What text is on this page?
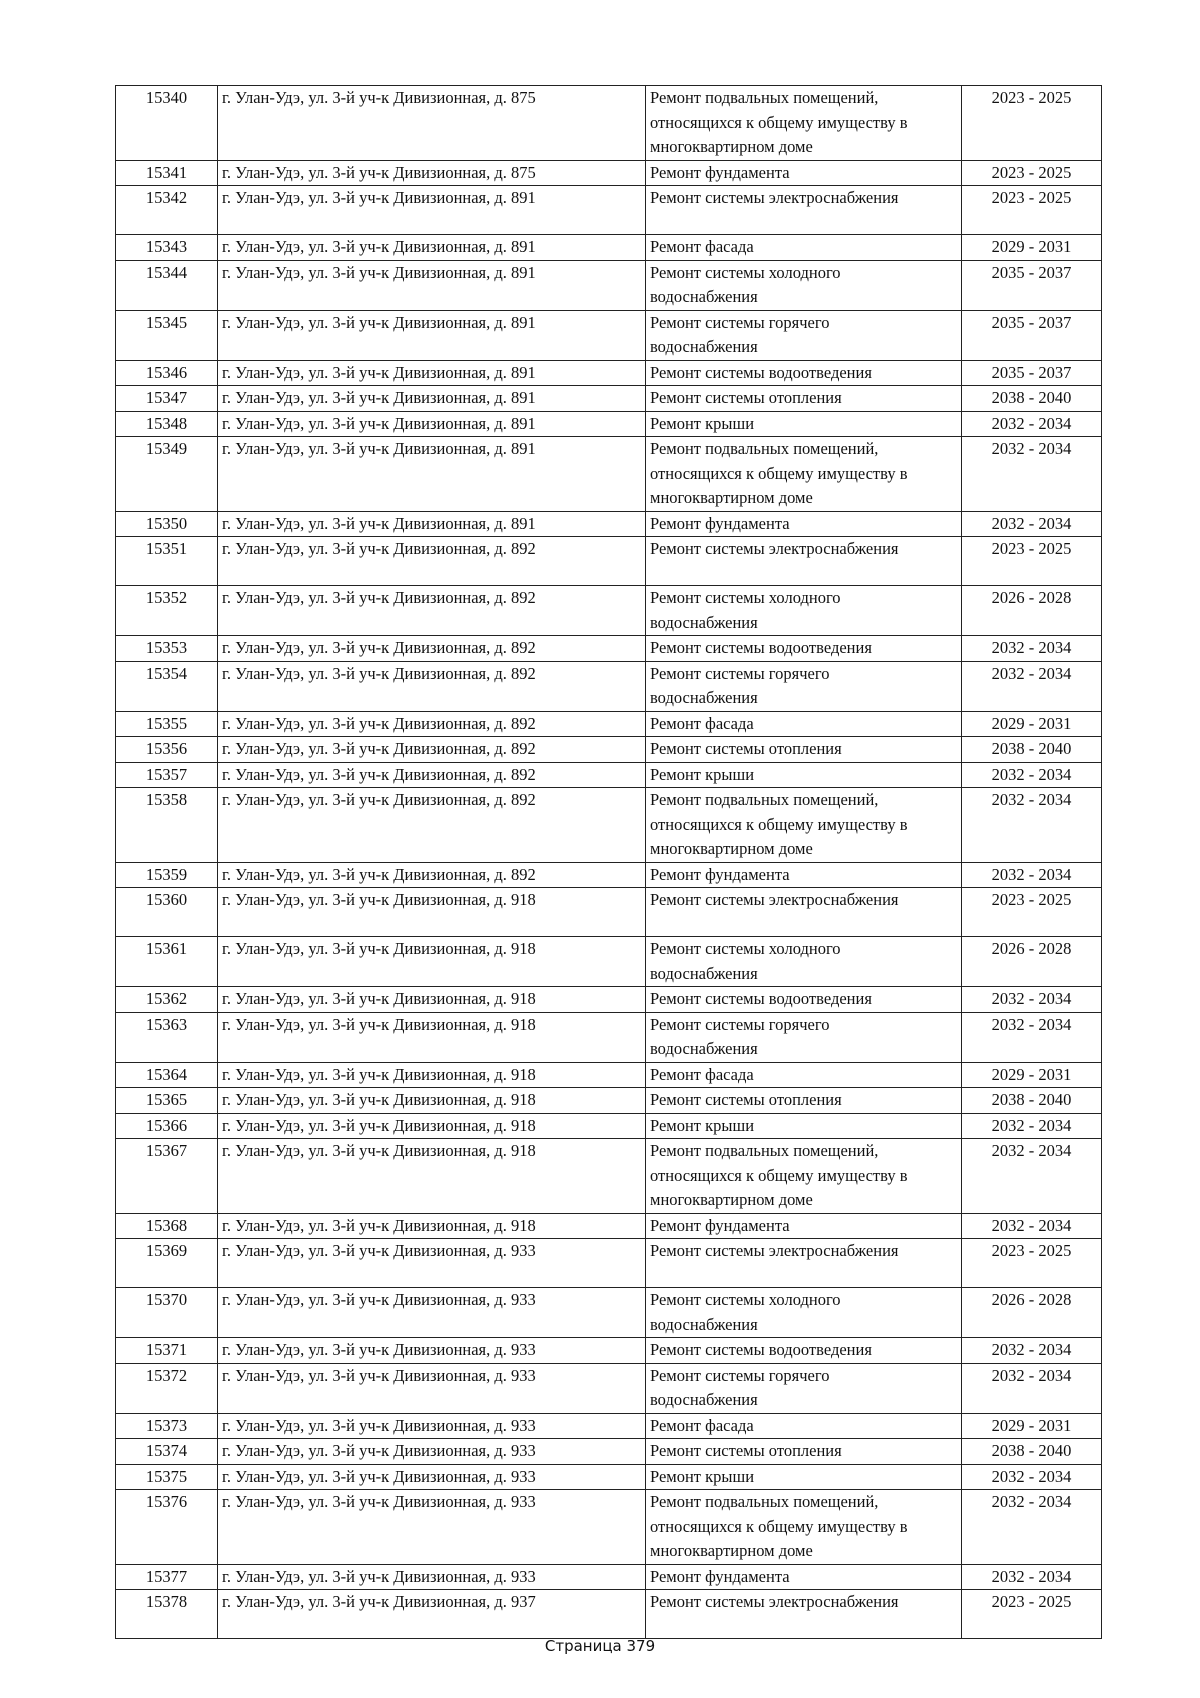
15340	г. Улан-Удэ, ул. 3-й уч-к Дивизионная, д. 875	Ремонт подвальных помещений,
относящихся к общему имуществу в
многоквартирном доме	2023 - 2025
15341	г. Улан-Удэ, ул. 3-й уч-к Дивизионная, д. 875	Ремонт фундамента	2023 - 2025
15342	г. Улан-Удэ, ул. 3-й уч-к Дивизионная, д. 891	Ремонт системы электроснабжения	2023 - 2025
15343	г. Улан-Удэ, ул. 3-й уч-к Дивизионная, д. 891	Ремонт фасада	2029 - 2031
15344	г. Улан-Удэ, ул. 3-й уч-к Дивизионная, д. 891	Ремонт системы холодного
водоснабжения	2035 - 2037
15345	г. Улан-Удэ, ул. 3-й уч-к Дивизионная, д. 891	Ремонт системы горячего
водоснабжения	2035 - 2037
15346	г. Улан-Удэ, ул. 3-й уч-к Дивизионная, д. 891	Ремонт системы водоотведения	2035 - 2037
15347	г. Улан-Удэ, ул. 3-й уч-к Дивизионная, д. 891	Ремонт системы отопления	2038 - 2040
15348	г. Улан-Удэ, ул. 3-й уч-к Дивизионная, д. 891	Ремонт крыши	2032 - 2034
15349	г. Улан-Удэ, ул. 3-й уч-к Дивизионная, д. 891	Ремонт подвальных помещений,
относящихся к общему имуществу в
многоквартирном доме	2032 - 2034
15350	г. Улан-Удэ, ул. 3-й уч-к Дивизионная, д. 891	Ремонт фундамента	2032 - 2034
15351	г. Улан-Удэ, ул. 3-й уч-к Дивизионная, д. 892	Ремонт системы электроснабжения	2023 - 2025
15352	г. Улан-Удэ, ул. 3-й уч-к Дивизионная, д. 892	Ремонт системы холодного
водоснабжения	2026 - 2028
15353	г. Улан-Удэ, ул. 3-й уч-к Дивизионная, д. 892	Ремонт системы водоотведения	2032 - 2034
15354	г. Улан-Удэ, ул. 3-й уч-к Дивизионная, д. 892	Ремонт системы горячего
водоснабжения	2032 - 2034
15355	г. Улан-Удэ, ул. 3-й уч-к Дивизионная, д. 892	Ремонт фасада	2029 - 2031
15356	г. Улан-Удэ, ул. 3-й уч-к Дивизионная, д. 892	Ремонт системы отопления	2038 - 2040
15357	г. Улан-Удэ, ул. 3-й уч-к Дивизионная, д. 892	Ремонт крыши	2032 - 2034
15358	г. Улан-Удэ, ул. 3-й уч-к Дивизионная, д. 892	Ремонт подвальных помещений,
относящихся к общему имуществу в
многоквартирном доме	2032 - 2034
15359	г. Улан-Удэ, ул. 3-й уч-к Дивизионная, д. 892	Ремонт фундамента	2032 - 2034
15360	г. Улан-Удэ, ул. 3-й уч-к Дивизионная, д. 918	Ремонт системы электроснабжения	2023 - 2025
15361	г. Улан-Удэ, ул. 3-й уч-к Дивизионная, д. 918	Ремонт системы холодного
водоснабжения	2026 - 2028
15362	г. Улан-Удэ, ул. 3-й уч-к Дивизионная, д. 918	Ремонт системы водоотведения	2032 - 2034
15363	г. Улан-Удэ, ул. 3-й уч-к Дивизионная, д. 918	Ремонт системы горячего
водоснабжения	2032 - 2034
15364	г. Улан-Удэ, ул. 3-й уч-к Дивизионная, д. 918	Ремонт фасада	2029 - 2031
15365	г. Улан-Удэ, ул. 3-й уч-к Дивизионная, д. 918	Ремонт системы отопления	2038 - 2040
15366	г. Улан-Удэ, ул. 3-й уч-к Дивизионная, д. 918	Ремонт крыши	2032 - 2034
15367	г. Улан-Удэ, ул. 3-й уч-к Дивизионная, д. 918	Ремонт подвальных помещений,
относящихся к общему имуществу в
многоквартирном доме	2032 - 2034
15368	г. Улан-Удэ, ул. 3-й уч-к Дивизионная, д. 918	Ремонт фундамента	2032 - 2034
15369	г. Улан-Удэ, ул. 3-й уч-к Дивизионная, д. 933	Ремонт системы электроснабжения	2023 - 2025
15370	г. Улан-Удэ, ул. 3-й уч-к Дивизионная, д. 933	Ремонт системы холодного
водоснабжения	2026 - 2028
15371	г. Улан-Удэ, ул. 3-й уч-к Дивизионная, д. 933	Ремонт системы водоотведения	2032 - 2034
15372	г. Улан-Удэ, ул. 3-й уч-к Дивизионная, д. 933	Ремонт системы горячего
водоснабжения	2032 - 2034
15373	г. Улан-Удэ, ул. 3-й уч-к Дивизионная, д. 933	Ремонт фасада	2029 - 2031
15374	г. Улан-Удэ, ул. 3-й уч-к Дивизионная, д. 933	Ремонт системы отопления	2038 - 2040
15375	г. Улан-Удэ, ул. 3-й уч-к Дивизионная, д. 933	Ремонт крыши	2032 - 2034
15376	г. Улан-Удэ, ул. 3-й уч-к Дивизионная, д. 933	Ремонт подвальных помещений,
относящихся к общему имуществу в
многоквартирном доме	2032 - 2034
15377	г. Улан-Удэ, ул. 3-й уч-к Дивизионная, д. 933	Ремонт фундамента	2032 - 2034
15378	г. Улан-Удэ, ул. 3-й уч-к Дивизионная, д. 937	Ремонт системы электроснабжения	2023 - 2025
Страница 379
